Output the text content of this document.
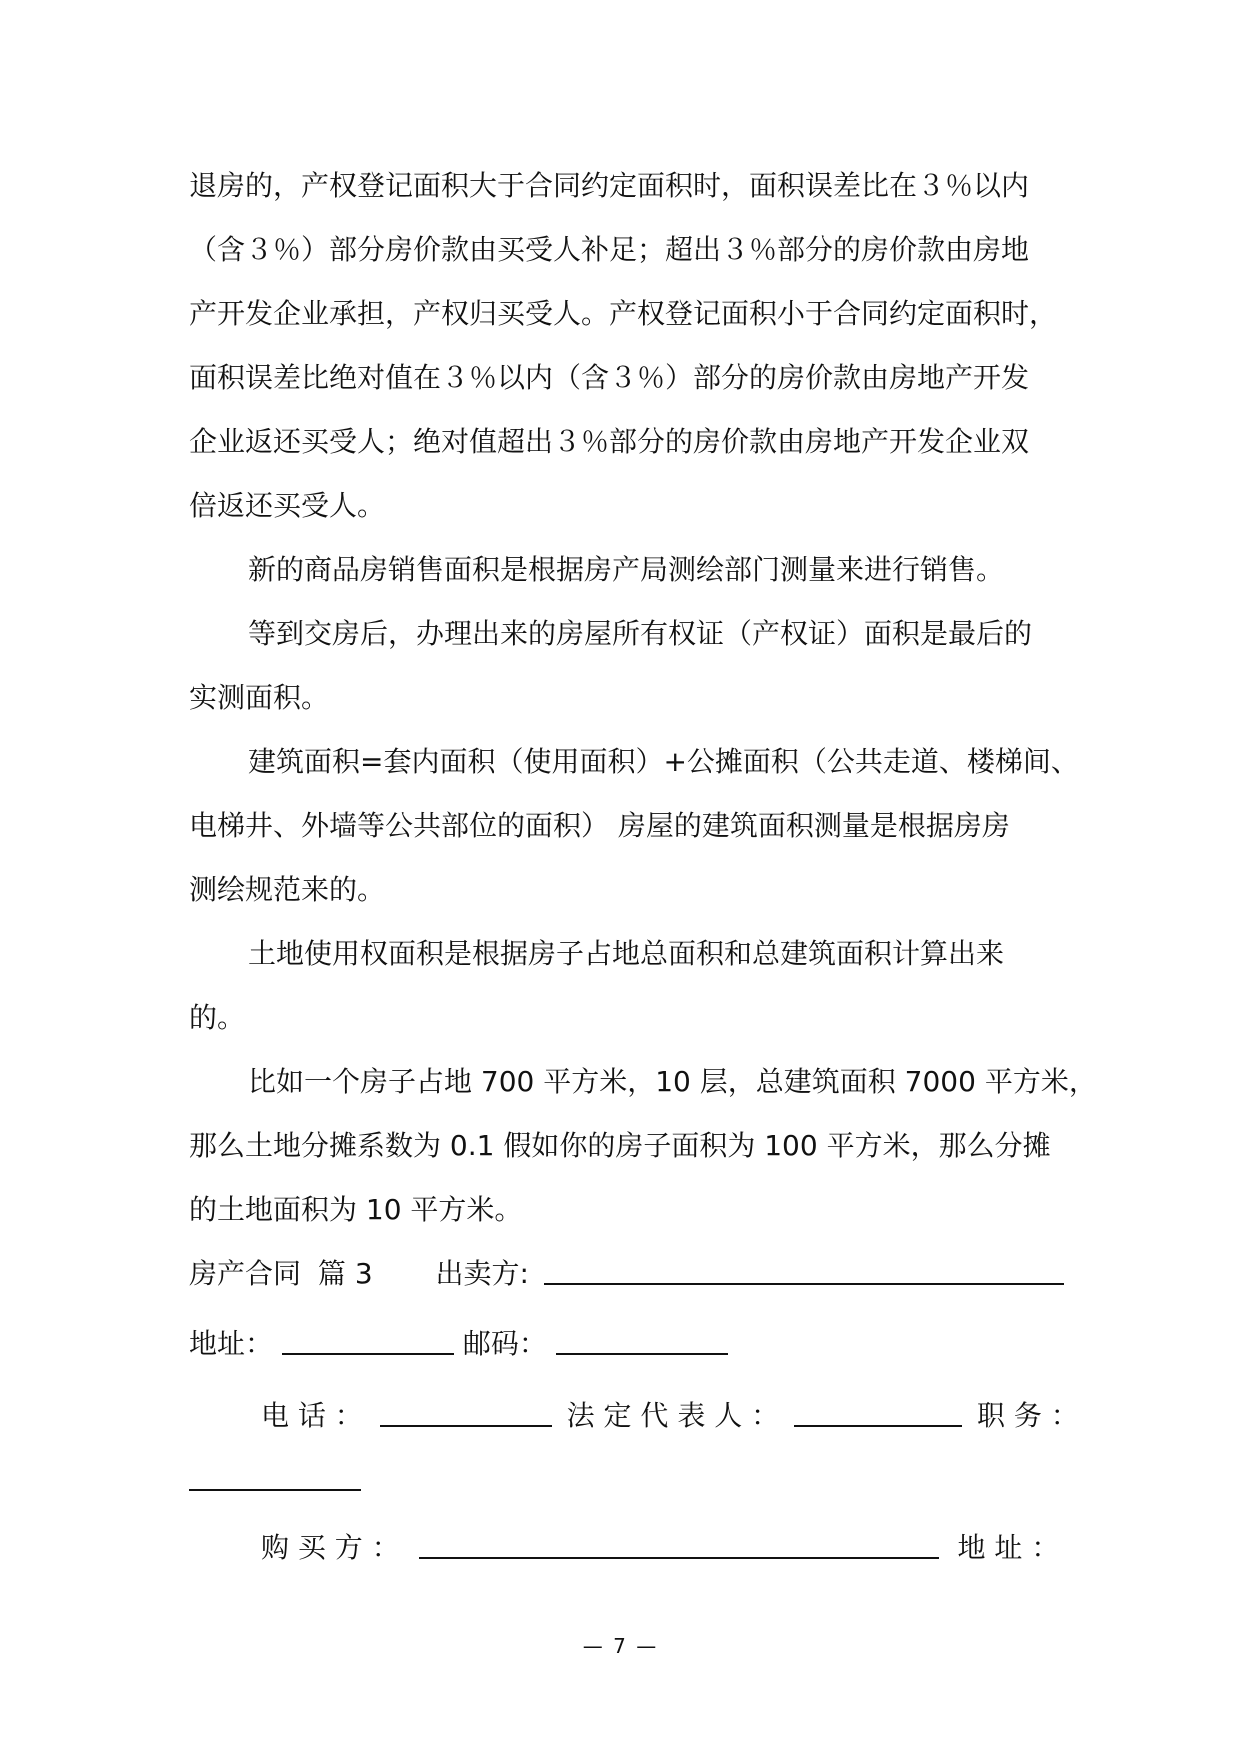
退房的，产权登记面积大于合同约定面积时，面积误差比在３％以内
（含３％）部分房价款由买受人补足；超出３％部分的房价款由房地
产开发企业承担，产权归买受人。产权登记面积小于合同约定面积时，
面积误差比绝对值在３％以内（含３％）部分的房价款由房地产开发
企业返还买受人；绝对值超出３％部分的房价款由房地产开发企业双
倍返还买受人。
新的商品房销售面积是根据房产局测绘部门测量来进行销售。
等到交房后，办理出来的房屋所有权证（产权证）面积是最后的
实测面积。
建筑面积=套内面积（使用面积）+公摊面积（公共走道、楼梯间、
电梯井、外墙等公共部位的面积） 房屋的建筑面积测量是根据房房
测绘规范来的。
土地使用权面积是根据房子占地总面积和总建筑面积计算出来
的。
比如一个房子占地 700 平方米，10 层，总建筑面积 7000 平方米，
那么土地分摊系数为 0.1 假如你的房子面积为 100 平方米，那么分摊
的土地面积为 10 平方米。
房产合同 篇 3 出卖方:
地址：	邮码：
电 话 ：	法 定 代 表 人 ：	职 务 ：
购 买 方 ：	地 址 ：
— 7 —
